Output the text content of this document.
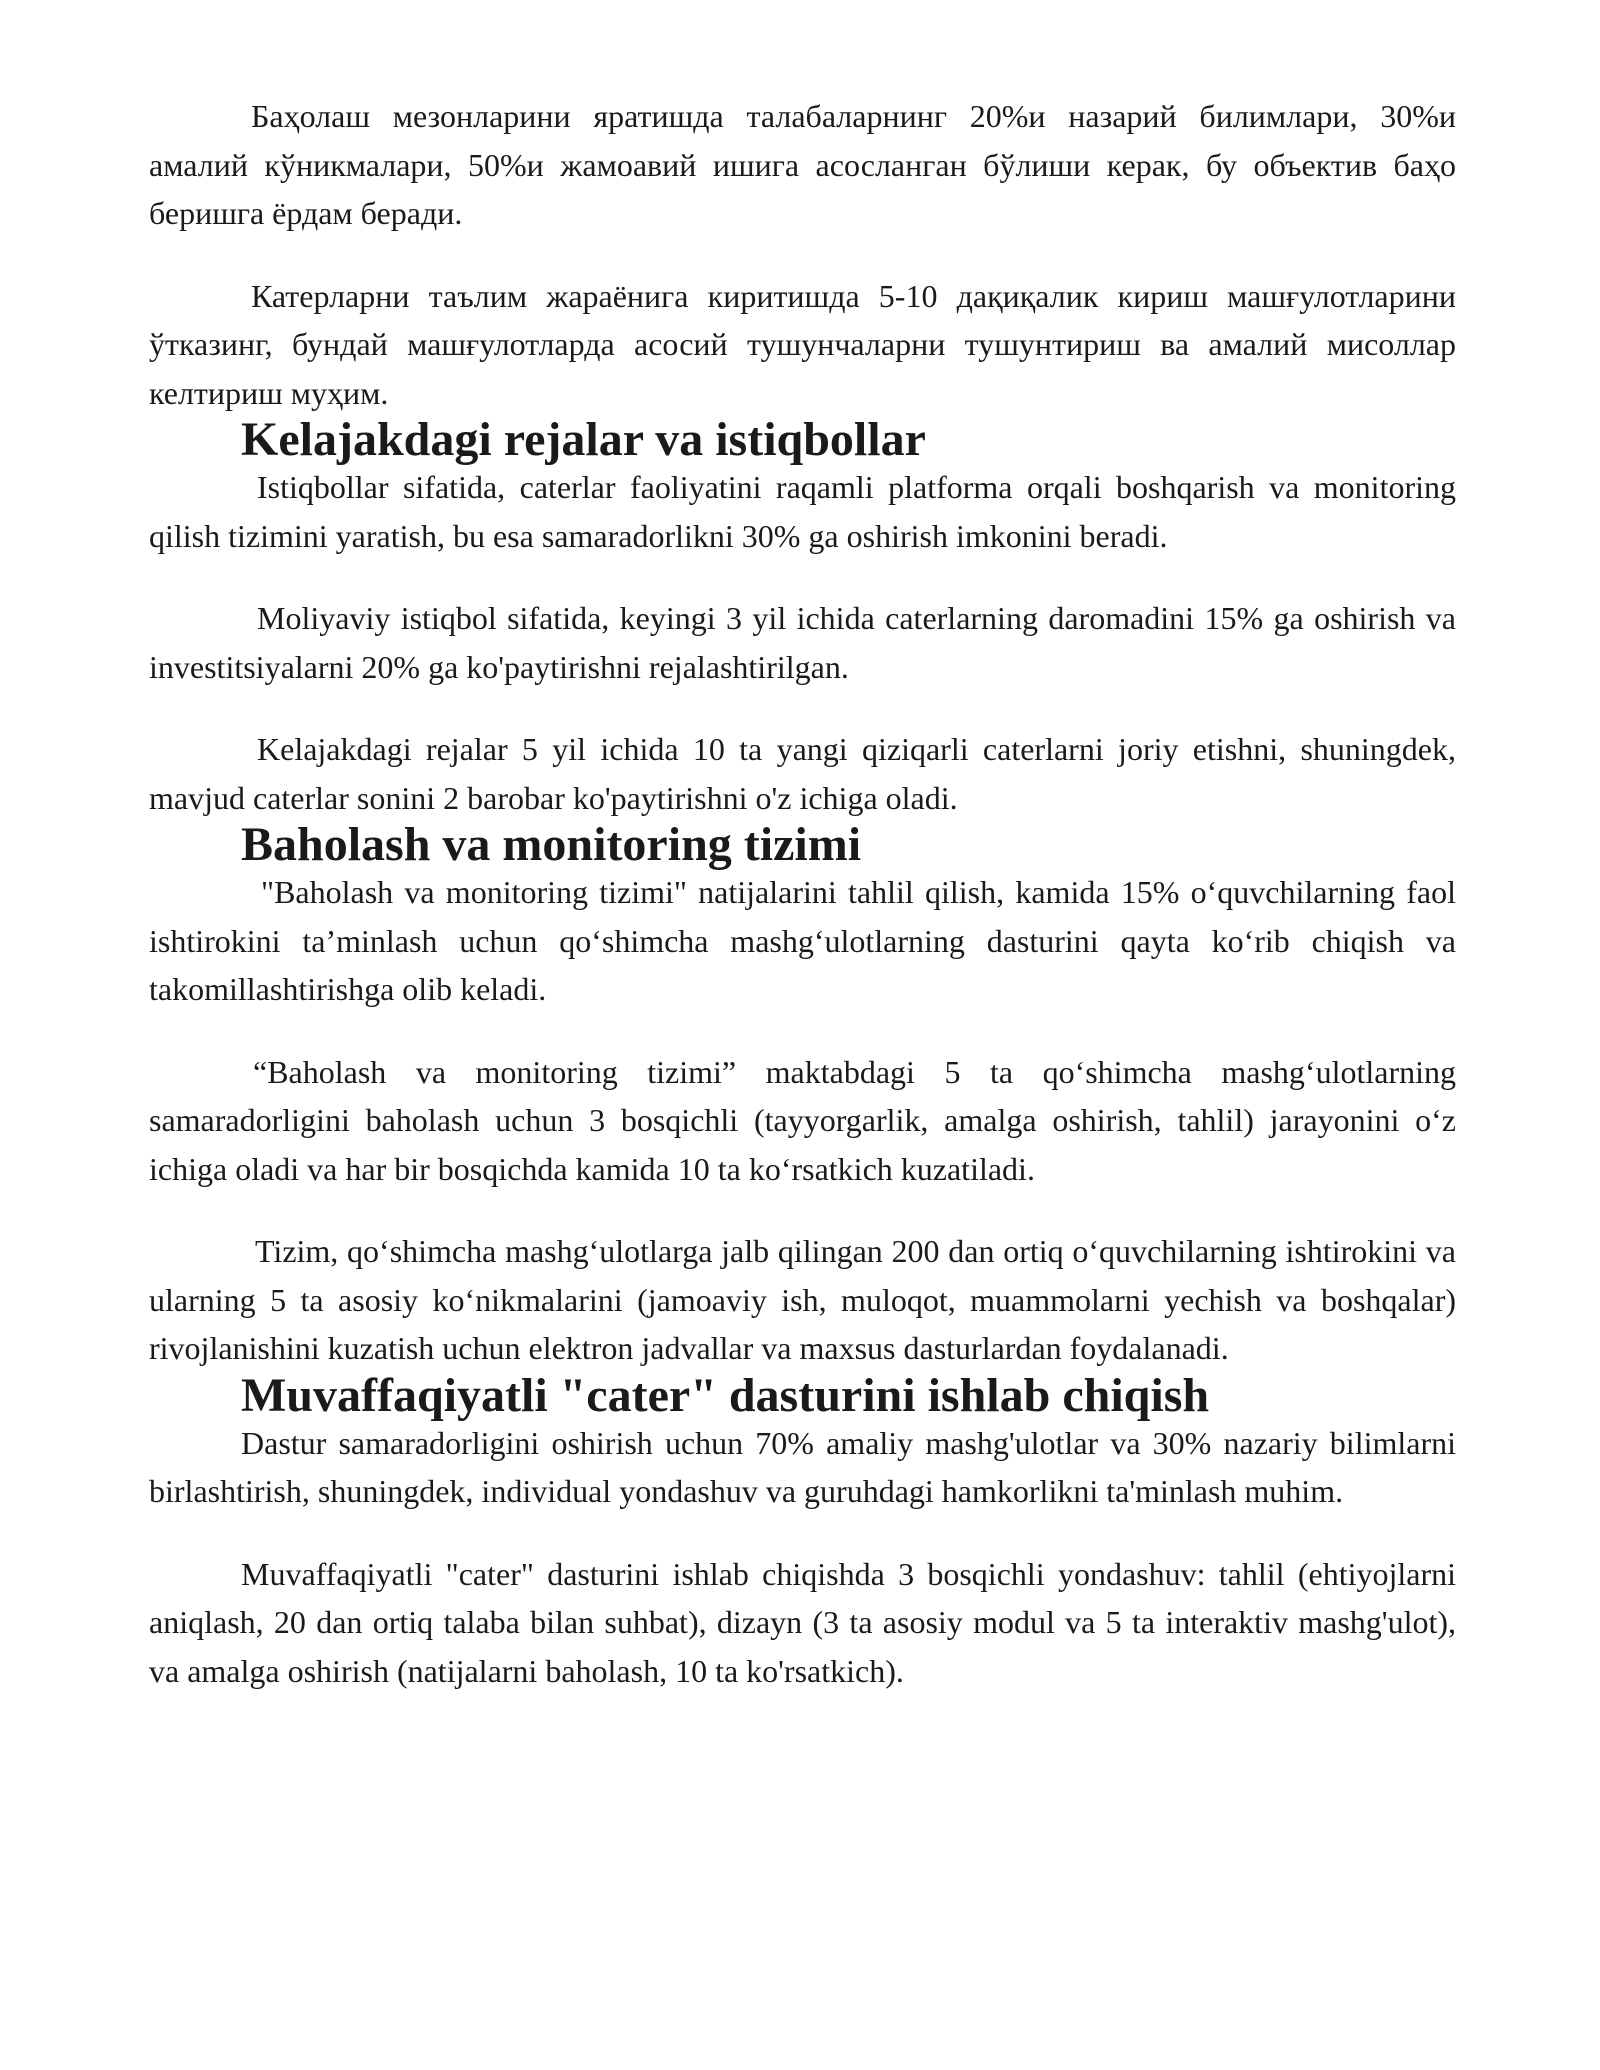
Баҳолаш мезонларини яратишда талабаларнинг 20%и назарий билимлари, 30%и амалий кўникмалари, 50%и жамоавий ишига асосланган бўлиши керак, бу объектив баҳо беришга ёрдам беради.

Катерларни таълим жараёнига киритишда 5-10 дақиқалик кириш машғулотларини ўтказинг, бундай машғулотларда асосий тушунчаларни тушунтириш ва амалий мисоллар келтириш муҳим.

Kelajakdagi rejalar va istiqbollar

Istiqbollar sifatida, caterlar faoliyatini raqamli platforma orqali boshqarish va monitoring qilish tizimini yaratish, bu esa samaradorlikni 30% ga oshirish imkonini beradi.

Moliyaviy istiqbol sifatida, keyingi 3 yil ichida caterlarning daromadini 15% ga oshirish va investitsiyalarni 20% ga ko'paytirishni rejalashtirilgan.

Kelajakdagi rejalar 5 yil ichida 10 ta yangi qiziqarli caterlarni joriy etishni, shuningdek, mavjud caterlar sonini 2 barobar ko'paytirishni o'z ichiga oladi.

Baholash va monitoring tizimi

"Baholash va monitoring tizimi" natijalarini tahlil qilish, kamida 15% oʻquvchilarning faol ishtirokini taʼminlash uchun qoʻshimcha mashgʻulotlarning dasturini qayta koʻrib chiqish va takomillashtirishga olib keladi.

“Baholash va monitoring tizimi” maktabdagi 5 ta qoʻshimcha mashgʻulotlarning samaradorligini baholash uchun 3 bosqichli (tayyorgarlik, amalga oshirish, tahlil) jarayonini oʻz ichiga oladi va har bir bosqichda kamida 10 ta koʻrsatkich kuzatiladi.

Tizim, qoʻshimcha mashgʻulotlarga jalb qilingan 200 dan ortiq oʻquvchilarning ishtirokini va ularning 5 ta asosiy koʻnikmalarini (jamoaviy ish, muloqot, muammolarni yechish va boshqalar) rivojlanishini kuzatish uchun elektron jadvallar va maxsus dasturlardan foydalanadi.

Muvaffaqiyatli "cater" dasturini ishlab chiqish

Dastur samaradorligini oshirish uchun 70% amaliy mashg'ulotlar va 30% nazariy bilimlarni birlashtirish, shuningdek, individual yondashuv va guruhdagi hamkorlikni ta'minlash muhim.

Muvaffaqiyatli "cater" dasturini ishlab chiqishda 3 bosqichli yondashuv: tahlil (ehtiyojlarni aniqlash, 20 dan ortiq talaba bilan suhbat), dizayn (3 ta asosiy modul va 5 ta interaktiv mashg'ulot), va amalga oshirish (natijalarni baholash, 10 ta ko'rsatkich).
